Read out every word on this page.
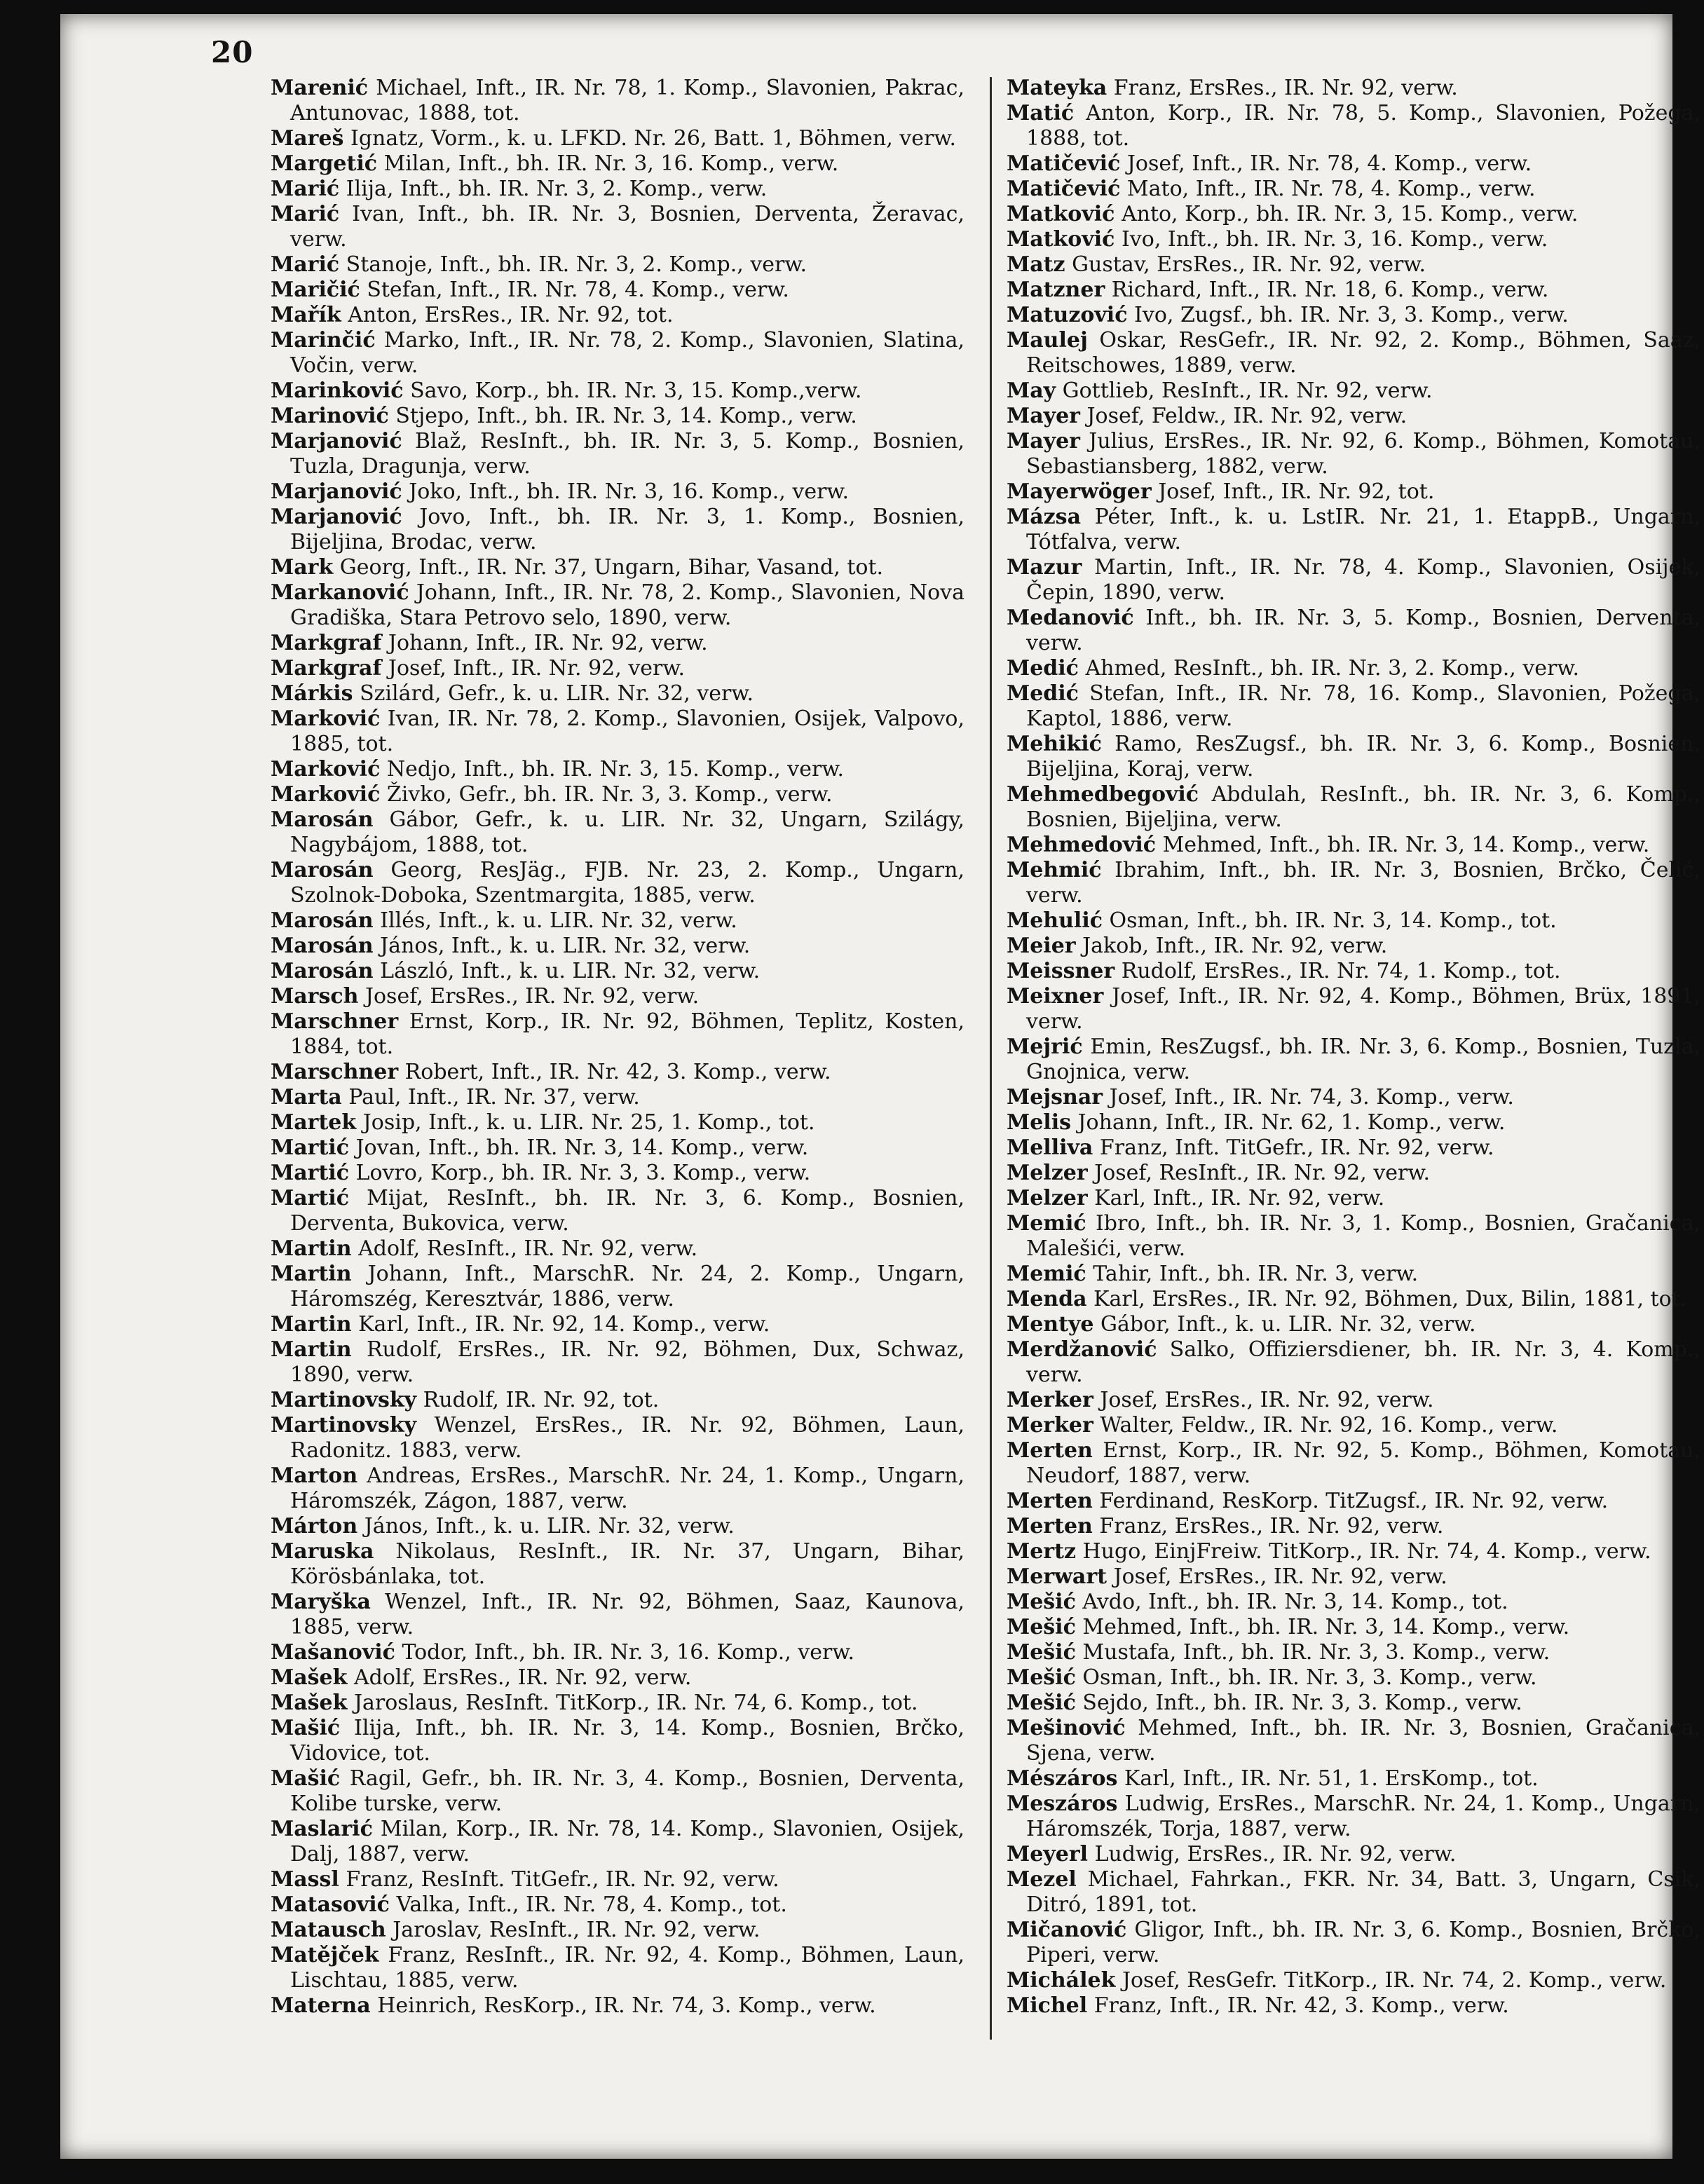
20

Marenić Michael, Inft., IR. Nr. 78, 1. Komp., Slavonien, Pakrac, Antunovac, 1888, tot.

Mareš Ignatz, Vorm., k. u. LFKD. Nr. 26, Batt. 1, Böhmen, verw.

Margetić Milan, Inft., bh. IR. Nr. 3, 16. Komp., verw.

Marić Ilija, Inft., bh. IR. Nr. 3, 2. Komp., verw.

Marić Ivan, Inft., bh. IR. Nr. 3, Bosnien, Derventa, Žeravac, verw.

Marić Stanoje, Inft., bh. IR. Nr. 3, 2. Komp., verw.

Maričić Stefan, Inft., IR. Nr. 78, 4. Komp., verw.

Mařík Anton, ErsRes., IR. Nr. 92, tot.

Marinčić Marko, Inft., IR. Nr. 78, 2. Komp., Slavonien, Slatina, Vočin, verw.

Marinković Savo, Korp., bh. IR. Nr. 3, 15. Komp.,verw.

Marinović Stjepo, Inft., bh. IR. Nr. 3, 14. Komp., verw.

Marjanović Blaž, ResInft., bh. IR. Nr. 3, 5. Komp., Bosnien, Tuzla, Dragunja, verw.

Marjanović Joko, Inft., bh. IR. Nr. 3, 16. Komp., verw.

Marjanović Jovo, Inft., bh. IR. Nr. 3, 1. Komp., Bosnien, Bijeljina, Brodac, verw.

Mark Georg, Inft., IR. Nr. 37, Ungarn, Bihar, Vasand, tot.

Markanović Johann, Inft., IR. Nr. 78, 2. Komp., Slavonien, Nova Gradiška, Stara Petrovo selo, 1890, verw.

Markgraf Johann, Inft., IR. Nr. 92, verw.

Markgraf Josef, Inft., IR. Nr. 92, verw.

Márkis Szilárd, Gefr., k. u. LIR. Nr. 32, verw.

Marković Ivan, IR. Nr. 78, 2. Komp., Slavonien, Osijek, Valpovo, 1885, tot.

Marković Nedjo, Inft., bh. IR. Nr. 3, 15. Komp., verw.

Marković Živko, Gefr., bh. IR. Nr. 3, 3. Komp., verw.

Marosán Gábor, Gefr., k. u. LIR. Nr. 32, Ungarn, Szilágy, Nagybájom, 1888, tot.

Marosán Georg, ResJäg., FJB. Nr. 23, 2. Komp., Ungarn, Szolnok-Doboka, Szentmargita, 1885, verw.

Marosán Illés, Inft., k. u. LIR. Nr. 32, verw.

Marosán János, Inft., k. u. LIR. Nr. 32, verw.

Marosán László, Inft., k. u. LIR. Nr. 32, verw.

Marsch Josef, ErsRes., IR. Nr. 92, verw.

Marschner Ernst, Korp., IR. Nr. 92, Böhmen, Teplitz, Kosten, 1884, tot.

Marschner Robert, Inft., IR. Nr. 42, 3. Komp., verw.

Marta Paul, Inft., IR. Nr. 37, verw.

Martek Josip, Inft., k. u. LIR. Nr. 25, 1. Komp., tot.

Martić Jovan, Inft., bh. IR. Nr. 3, 14. Komp., verw.

Martić Lovro, Korp., bh. IR. Nr. 3, 3. Komp., verw.

Martić Mijat, ResInft., bh. IR. Nr. 3, 6. Komp., Bosnien, Derventa, Bukovica, verw.

Martin Adolf, ResInft., IR. Nr. 92, verw.

Martin Johann, Inft., MarschR. Nr. 24, 2. Komp., Ungarn, Háromszég, Keresztvár, 1886, verw.

Martin Karl, Inft., IR. Nr. 92, 14. Komp., verw.

Martin Rudolf, ErsRes., IR. Nr. 92, Böhmen, Dux, Schwaz, 1890, verw.

Martinovsky Rudolf, IR. Nr. 92, tot.

Martinovsky Wenzel, ErsRes., IR. Nr. 92, Böhmen, Laun, Radonitz. 1883, verw.

Marton Andreas, ErsRes., MarschR. Nr. 24, 1. Komp., Ungarn, Háromszék, Zágon, 1887, verw.

Márton János, Inft., k. u. LIR. Nr. 32, verw.

Maruska Nikolaus, ResInft., IR. Nr. 37, Ungarn, Bihar, Körösbánlaka, tot.

Maryška Wenzel, Inft., IR. Nr. 92, Böhmen, Saaz, Kaunova, 1885, verw.

Mašanović Todor, Inft., bh. IR. Nr. 3, 16. Komp., verw.

Mašek Adolf, ErsRes., IR. Nr. 92, verw.

Mašek Jaroslaus, ResInft. TitKorp., IR. Nr. 74, 6. Komp., tot.

Mašić Ilija, Inft., bh. IR. Nr. 3, 14. Komp., Bosnien, Brčko, Vidovice, tot.

Mašić Ragil, Gefr., bh. IR. Nr. 3, 4. Komp., Bosnien, Derventa, Kolibe turske, verw.

Maslarić Milan, Korp., IR. Nr. 78, 14. Komp., Slavonien, Osijek, Dalj, 1887, verw.

Massl Franz, ResInft. TitGefr., IR. Nr. 92, verw.

Matasović Valka, Inft., IR. Nr. 78, 4. Komp., tot.

Matausch Jaroslav, ResInft., IR. Nr. 92, verw.

Matějček Franz, ResInft., IR. Nr. 92, 4. Komp., Böhmen, Laun, Lischtau, 1885, verw.

Materna Heinrich, ResKorp., IR. Nr. 74, 3. Komp., verw.

Mateyka Franz, ErsRes., IR. Nr. 92, verw.

Matić Anton, Korp., IR. Nr. 78, 5. Komp., Slavonien, Požega, 1888, tot.

Matičević Josef, Inft., IR. Nr. 78, 4. Komp., verw.

Matičević Mato, Inft., IR. Nr. 78, 4. Komp., verw.

Matković Anto, Korp., bh. IR. Nr. 3, 15. Komp., verw.

Matković Ivo, Inft., bh. IR. Nr. 3, 16. Komp., verw.

Matz Gustav, ErsRes., IR. Nr. 92, verw.

Matzner Richard, Inft., IR. Nr. 18, 6. Komp., verw.

Matuzović Ivo, Zugsf., bh. IR. Nr. 3, 3. Komp., verw.

Maulej Oskar, ResGefr., IR. Nr. 92, 2. Komp., Böhmen, Saaz, Reitschowes, 1889, verw.

May Gottlieb, ResInft., IR. Nr. 92, verw.

Mayer Josef, Feldw., IR. Nr. 92, verw.

Mayer Julius, ErsRes., IR. Nr. 92, 6. Komp., Böhmen, Komotau, Sebastiansberg, 1882, verw.

Mayerwöger Josef, Inft., IR. Nr. 92, tot.

Mázsa Péter, Inft., k. u. LstIR. Nr. 21, 1. EtappB., Ungarn, Tótfalva, verw.

Mazur Martin, Inft., IR. Nr. 78, 4. Komp., Slavonien, Osijek, Čepin, 1890, verw.

Medanović Inft., bh. IR. Nr. 3, 5. Komp., Bosnien, Derventa, verw.

Medić Ahmed, ResInft., bh. IR. Nr. 3, 2. Komp., verw.

Medić Stefan, Inft., IR. Nr. 78, 16. Komp., Slavonien, Požega, Kaptol, 1886, verw.

Mehikić Ramo, ResZugsf., bh. IR. Nr. 3, 6. Komp., Bosnien, Bijeljina, Koraj, verw.

Mehmedbegović Abdulah, ResInft., bh. IR. Nr. 3, 6. Komp., Bosnien, Bijeljina, verw.

Mehmedović Mehmed, Inft., bh. IR. Nr. 3, 14. Komp., verw.

Mehmić Ibrahim, Inft., bh. IR. Nr. 3, Bosnien, Brčko, Čelić, verw.

Mehulić Osman, Inft., bh. IR. Nr. 3, 14. Komp., tot.

Meier Jakob, Inft., IR. Nr. 92, verw.

Meissner Rudolf, ErsRes., IR. Nr. 74, 1. Komp., tot.

Meixner Josef, Inft., IR. Nr. 92, 4. Komp., Böhmen, Brüx, 1891, verw.

Mejrić Emin, ResZugsf., bh. IR. Nr. 3, 6. Komp., Bosnien, Tuzla, Gnojnica, verw.

Mejsnar Josef, Inft., IR. Nr. 74, 3. Komp., verw.

Melis Johann, Inft., IR. Nr. 62, 1. Komp., verw.

Melliva Franz, Inft. TitGefr., IR. Nr. 92, verw.

Melzer Josef, ResInft., IR. Nr. 92, verw.

Melzer Karl, Inft., IR. Nr. 92, verw.

Memić Ibro, Inft., bh. IR. Nr. 3, 1. Komp., Bosnien, Gračanica, Malešići, verw.

Memić Tahir, Inft., bh. IR. Nr. 3, verw.

Menda Karl, ErsRes., IR. Nr. 92, Böhmen, Dux, Bilin, 1881, tot.

Mentye Gábor, Inft., k. u. LIR. Nr. 32, verw.

Merdžanović Salko, Offiziersdiener, bh. IR. Nr. 3, 4. Komp., verw.

Merker Josef, ErsRes., IR. Nr. 92, verw.

Merker Walter, Feldw., IR. Nr. 92, 16. Komp., verw.

Merten Ernst, Korp., IR. Nr. 92, 5. Komp., Böhmen, Komotau, Neudorf, 1887, verw.

Merten Ferdinand, ResKorp. TitZugsf., IR. Nr. 92, verw.

Merten Franz, ErsRes., IR. Nr. 92, verw.

Mertz Hugo, EinjFreiw. TitKorp., IR. Nr. 74, 4. Komp., verw.

Merwart Josef, ErsRes., IR. Nr. 92, verw.

Mešić Avdo, Inft., bh. IR. Nr. 3, 14. Komp., tot.

Mešić Mehmed, Inft., bh. IR. Nr. 3, 14. Komp., verw.

Mešić Mustafa, Inft., bh. IR. Nr. 3, 3. Komp., verw.

Mešić Osman, Inft., bh. IR. Nr. 3, 3. Komp., verw.

Mešić Sejdo, Inft., bh. IR. Nr. 3, 3. Komp., verw.

Mešinović Mehmed, Inft., bh. IR. Nr. 3, Bosnien, Gračanica, Sjena, verw.

Mészáros Karl, Inft., IR. Nr. 51, 1. ErsKomp., tot.

Meszáros Ludwig, ErsRes., MarschR. Nr. 24, 1. Komp., Ungarn, Háromszék, Torja, 1887, verw.

Meyerl Ludwig, ErsRes., IR. Nr. 92, verw.

Mezel Michael, Fahrkan., FKR. Nr. 34, Batt. 3, Ungarn, Csik, Ditró, 1891, tot.

Mičanović Gligor, Inft., bh. IR. Nr. 3, 6. Komp., Bosnien, Brčko, Piperi, verw.

Michálek Josef, ResGefr. TitKorp., IR. Nr. 74, 2. Komp., verw.

Michel Franz, Inft., IR. Nr. 42, 3. Komp., verw.
